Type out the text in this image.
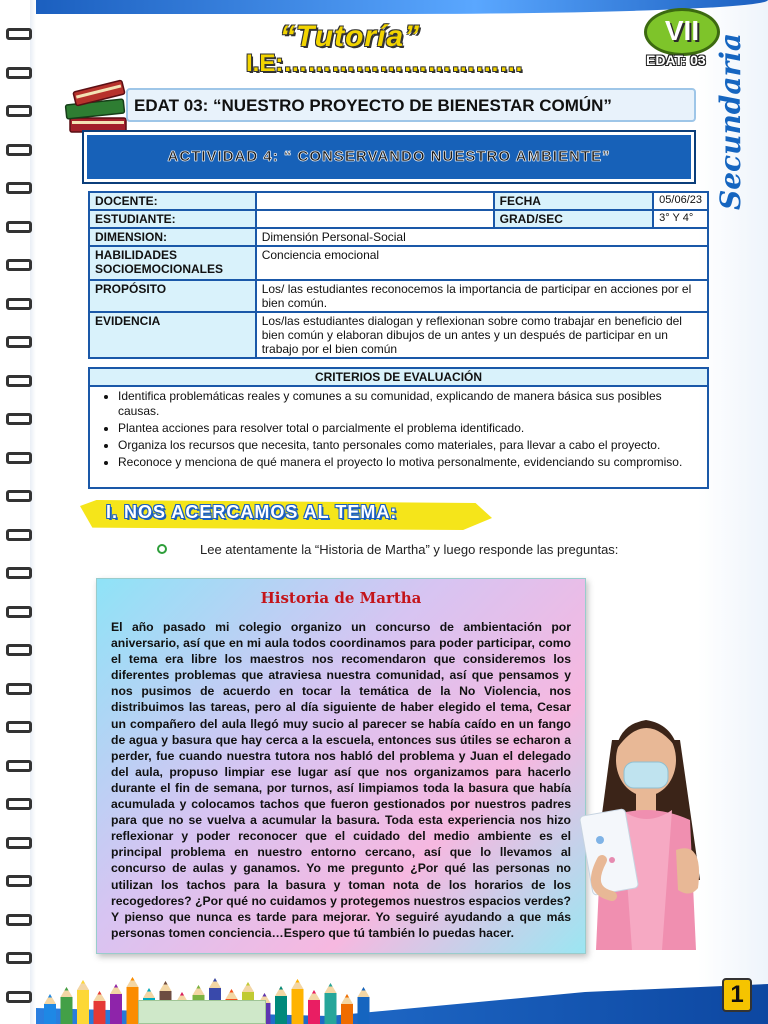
“Tutoría”
I.E:…………………………
VII
EDAT: 03 Secundaria
EDAT 03: “NUESTRO PROYECTO DE BIENESTAR COMÚN”
ACTIVIDAD 4: “ CONSERVANDO NUESTRO AMBIENTE”
DOCENTE:		FECHA	05/06/23
ESTUDIANTE:		GRAD/SEC	3° Y 4°
DIMENSION:	Dimensión Personal-Social		
HABILIDADES SOCIOEMOCIONALES	Conciencia emocional		
PROPÓSITO	Los/ las estudiantes reconocemos la importancia de participar en acciones por el bien común.		
EVIDENCIA	Los/las estudiantes dialogan y reflexionan sobre como trabajar en beneficio del bien común y elaboran dibujos de un antes y un después de participar en un trabajo por el bien común		
CRITERIOS DE EVALUACIÓN
• Identifica problemáticas reales y comunes a su comunidad, explicando de manera básica sus posibles causas.
• Plantea acciones para resolver total o parcialmente el problema identificado.
• Organiza los recursos que necesita, tanto personales como materiales, para llevar a cabo el proyecto.
• Reconoce y menciona de qué manera el proyecto lo motiva personalmente, evidenciando su compromiso.
I. NOS ACERCAMOS AL TEMA:
Lee atentamente la “Historia de Martha” y luego responde las preguntas:
Historia de Martha

El año pasado mi colegio organizo un concurso de ambientación por aniversario, así que en mi aula todos coordinamos para poder participar, como el tema era libre los maestros nos recomendaron que consideremos los diferentes problemas que atraviesa nuestra comunidad, así que pensamos y nos pusimos de acuerdo en tocar la temática de la No Violencia, nos distribuimos las tareas, pero al día siguiente de haber elegido el tema, Cesar un compañero del aula llegó muy sucio al parecer se había caído en un fango de agua y basura que hay cerca a la escuela, entonces sus útiles se echaron a perder, fue cuando nuestra tutora nos habló del problema y Juan el delegado del aula, propuso limpiar ese lugar así que nos organizamos para hacerlo durante el fin de semana, por turnos, así limpiamos toda la basura que había acumulada y colocamos tachos que fueron gestionados por nuestros padres para que no se vuelva a acumular la basura. Toda esta experiencia nos hizo reflexionar y poder reconocer que el cuidado del medio ambiente es el principal problema en nuestro entorno cercano, así que lo llevamos al concurso de aulas y ganamos. Yo me pregunto ¿Por qué las personas no utilizan los tachos para la basura y toman nota de los horarios de los recogedores? ¿Por qué no cuidamos y protegemos nuestros espacios verdes? Y pienso que nunca es tarde para mejorar. Yo seguiré ayudando a que más personas tomen conciencia…Espero que tú también lo puedas hacer.

1
